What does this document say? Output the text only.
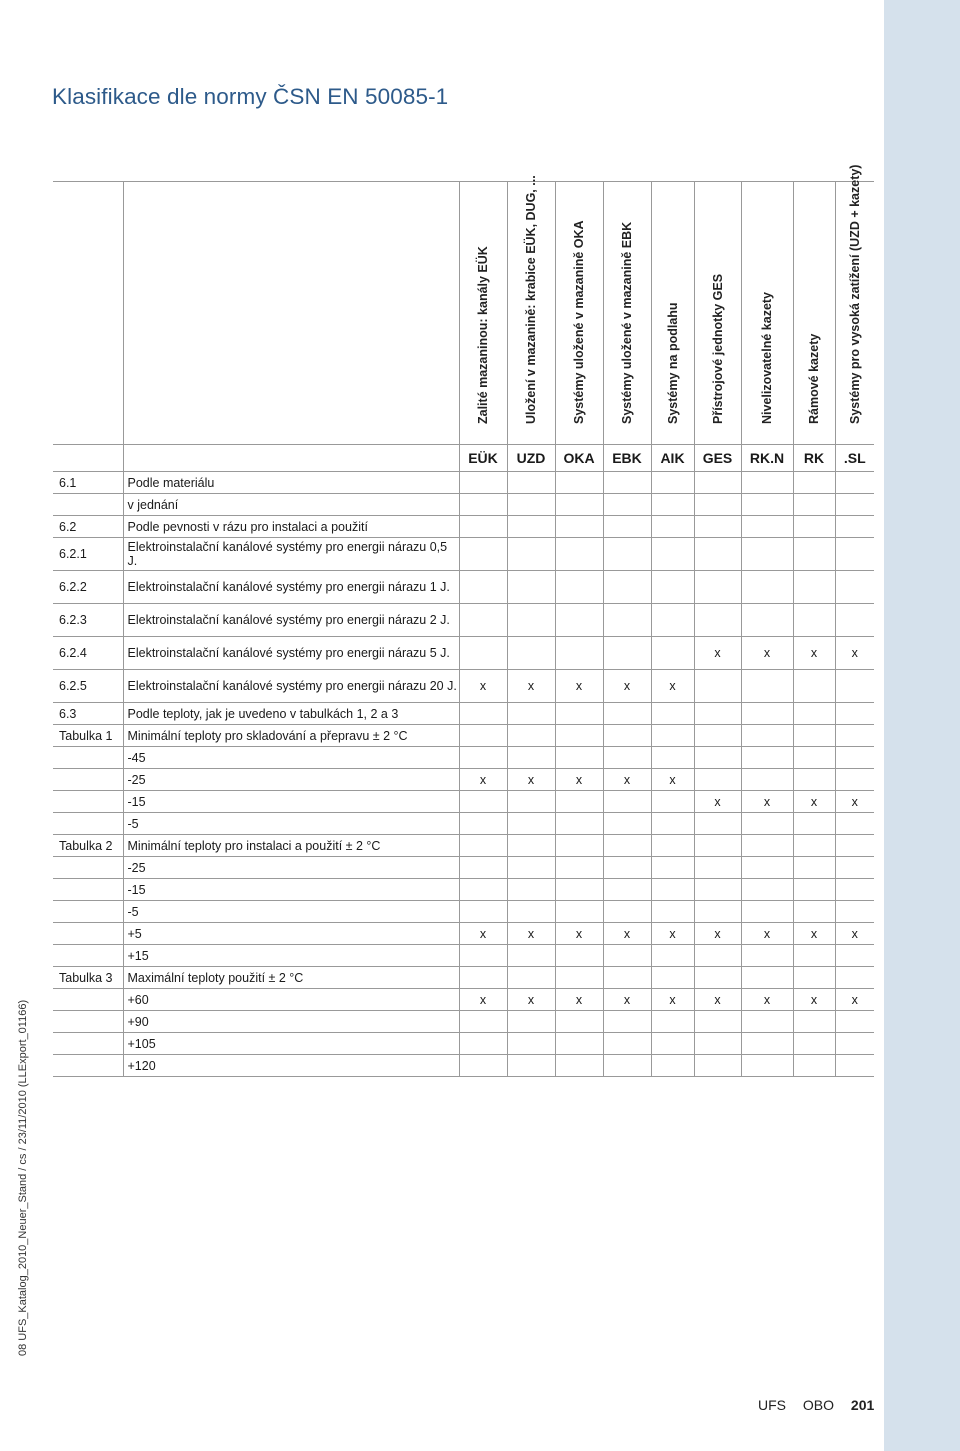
Klasifikace dle normy ČSN EN 50085-1

		Zalité mazaninou: kanály EÜK	Uložení v mazanině: krabice EÜK, DUG, ...	Systémy uložené v mazanině OKA	Systémy uložené v mazanině EBK	Systémy na podlahu	Přístrojové jednotky GES	Nivelizovatelné kazety	Rámové kazety	Systémy pro vysoká zatížení (UZD + kazety)

		EÜK	UZD	OKA	EBK	AIK	GES	RK.N	RK	.SL
6.1	Podle materiálu									
	v jednání									
6.2	Podle pevnosti v rázu pro instalaci a použití									
6.2.1	Elektroinstalační kanálové systémy pro energii nárazu 0,5 J.									
6.2.2	Elektroinstalační kanálové systémy pro energii nárazu 1 J.									
6.2.3	Elektroinstalační kanálové systémy pro energii nárazu 2 J.									
6.2.4	Elektroinstalační kanálové systémy pro energii nárazu 5 J.						x	x	x	x
6.2.5	Elektroinstalační kanálové systémy pro energii nárazu 20 J.	x	x	x	x	x				
6.3	Podle teploty, jak je uvedeno v tabulkách 1, 2 a 3									
Tabulka 1	Minimální teploty pro skladování a přepravu ± 2 °C									
	-45									
	-25	x	x	x	x	x				
	-15						x	x	x	x
	-5									
Tabulka 2	Minimální teploty pro instalaci a použití ± 2 °C									
	-25									
	-15									
	-5									
	+5	x	x	x	x	x	x	x	x	x
	+15									
Tabulka 3	Maximální teploty použití ± 2 °C									
	+60	x	x	x	x	x	x	x	x	x
	+90									
	+105									
	+120									
08 UFS_Katalog_2010_Neuer_Stand / cs / 23/11/2010 (LLExport_01166)
UFS OBO 201
